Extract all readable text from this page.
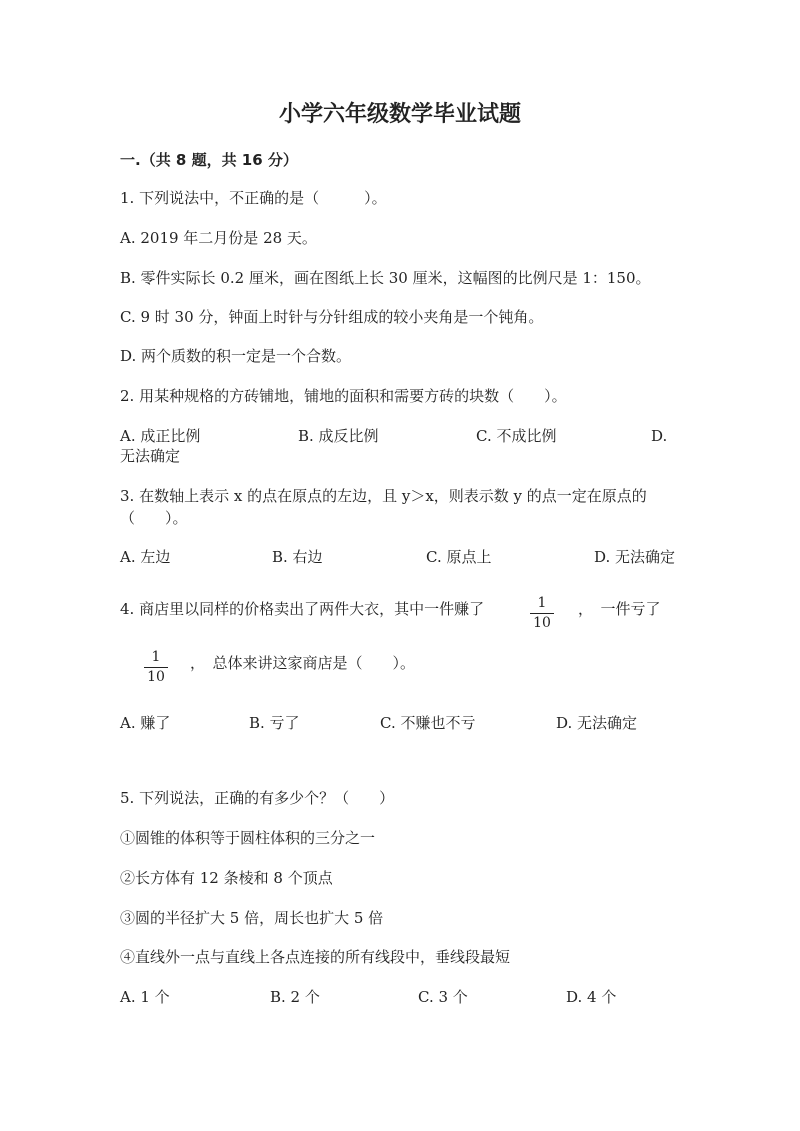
小学六年级数学毕业试题
一.（共 8 题，共 16 分）
1. 下列说法中，不正确的是（　　　）。
A. 2019 年二月份是 28 天。
B. 零件实际长 0.2 厘米，画在图纸上长 30 厘米，这幅图的比例尺是 1：150。
C. 9 时 30 分，钟面上时针与分针组成的较小夹角是一个钝角。
D. 两个质数的积一定是一个合数。
2. 用某种规格的方砖铺地，铺地的面积和需要方砖的块数（　　）。
A. 成正比例	B. 成反比例	C. 不成比例	D.
无法确定
3. 在数轴上表示 x 的点在原点的左边，且 y＞x，则表示数 y 的点一定在原点的
（　　）。
A. 左边	B. 右边	C. 原点上	D. 无法确定
4. 商店里以同样的价格卖出了两件大衣，其中一件赚了	1
10
，　一件亏了
1
10
，　总体来讲这家商店是（　　）。
A. 赚了	B. 亏了	C. 不赚也不亏	D. 无法确定
5. 下列说法，正确的有多少个？（　　）
①圆锥的体积等于圆柱体积的三分之一
②长方体有 12 条棱和 8 个顶点
③圆的半径扩大 5 倍，周长也扩大 5 倍
④直线外一点与直线上各点连接的所有线段中，垂线段最短
A. 1 个	B. 2 个	C. 3 个	D. 4 个
